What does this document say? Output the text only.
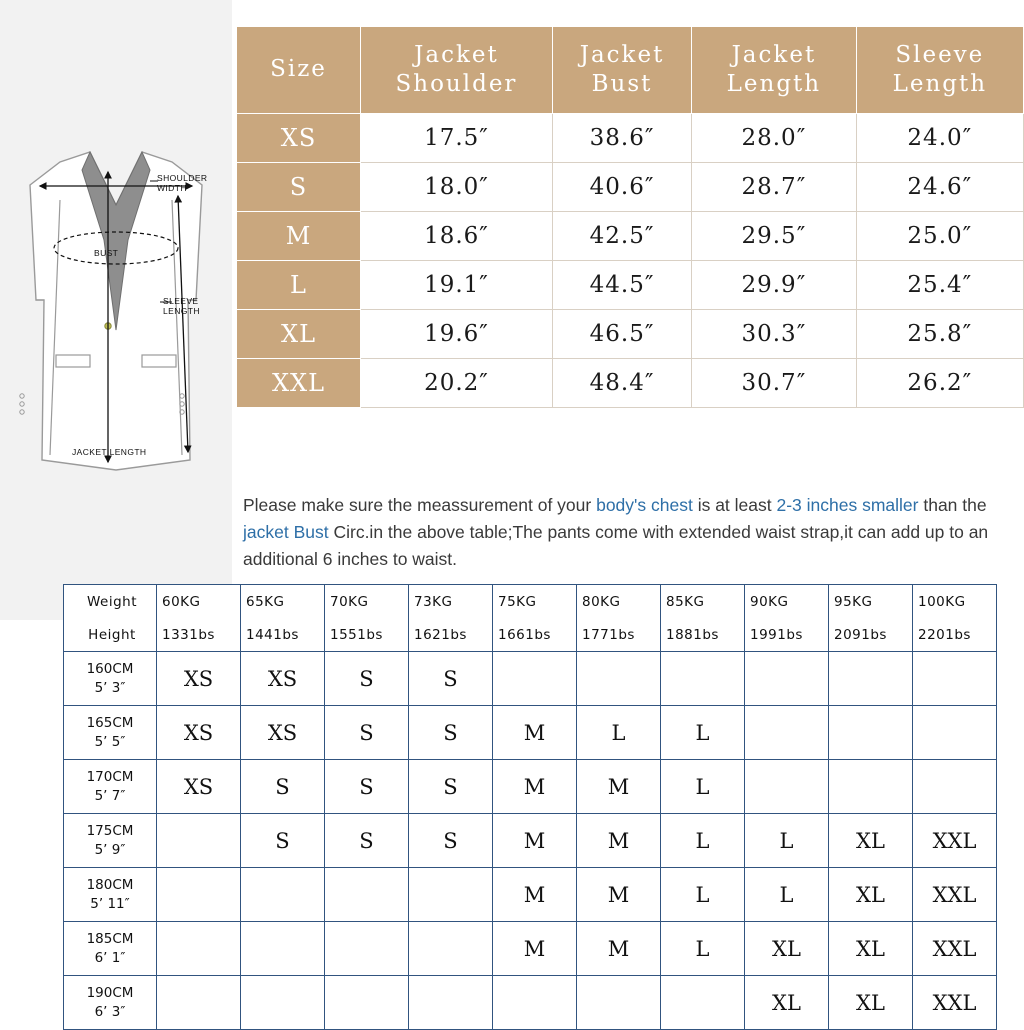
SHOULDER WIDTH
BUST
SLEEVE LENGTH
JACKET LENGTH
Size	Jacket Shoulder	Jacket Bust	Jacket Length	Sleeve Length
XS	17.5″	38.6″	28.0″	24.0″
S	18.0″	40.6″	28.7″	24.6″
M	18.6″	42.5″	29.5″	25.0″
L	19.1″	44.5″	29.9″	25.4″
XL	19.6″	46.5″	30.3″	25.8″
XXL	20.2″	48.4″	30.7″	26.2″
Please make sure the meassurement of your body's chest is at least 2-3 inches smaller than the jacket Bust Circ.in the above table;The pants come with extended waist strap,it can add up to an additional 6 inches to waist.
Weight	60KG	65KG	70KG	73KG	75KG	80KG	85KG	90KG	95KG	100KG
Height	1331bs	1441bs	1551bs	1621bs	1661bs	1771bs	1881bs	1991bs	2091bs	2201bs
160CM
5’ 3″	XS	XS	S	S						
165CM
5’ 5″	XS	XS	S	S	M	L	L			
170CM
5’ 7″	XS	S	S	S	M	M	L			
175CM
5’ 9″		S	S	S	M	M	L	L	XL	XXL
180CM
5’ 11″					M	M	L	L	XL	XXL
185CM
6’ 1″					M	M	L	XL	XL	XXL
190CM
6’ 3″								XL	XL	XXL
